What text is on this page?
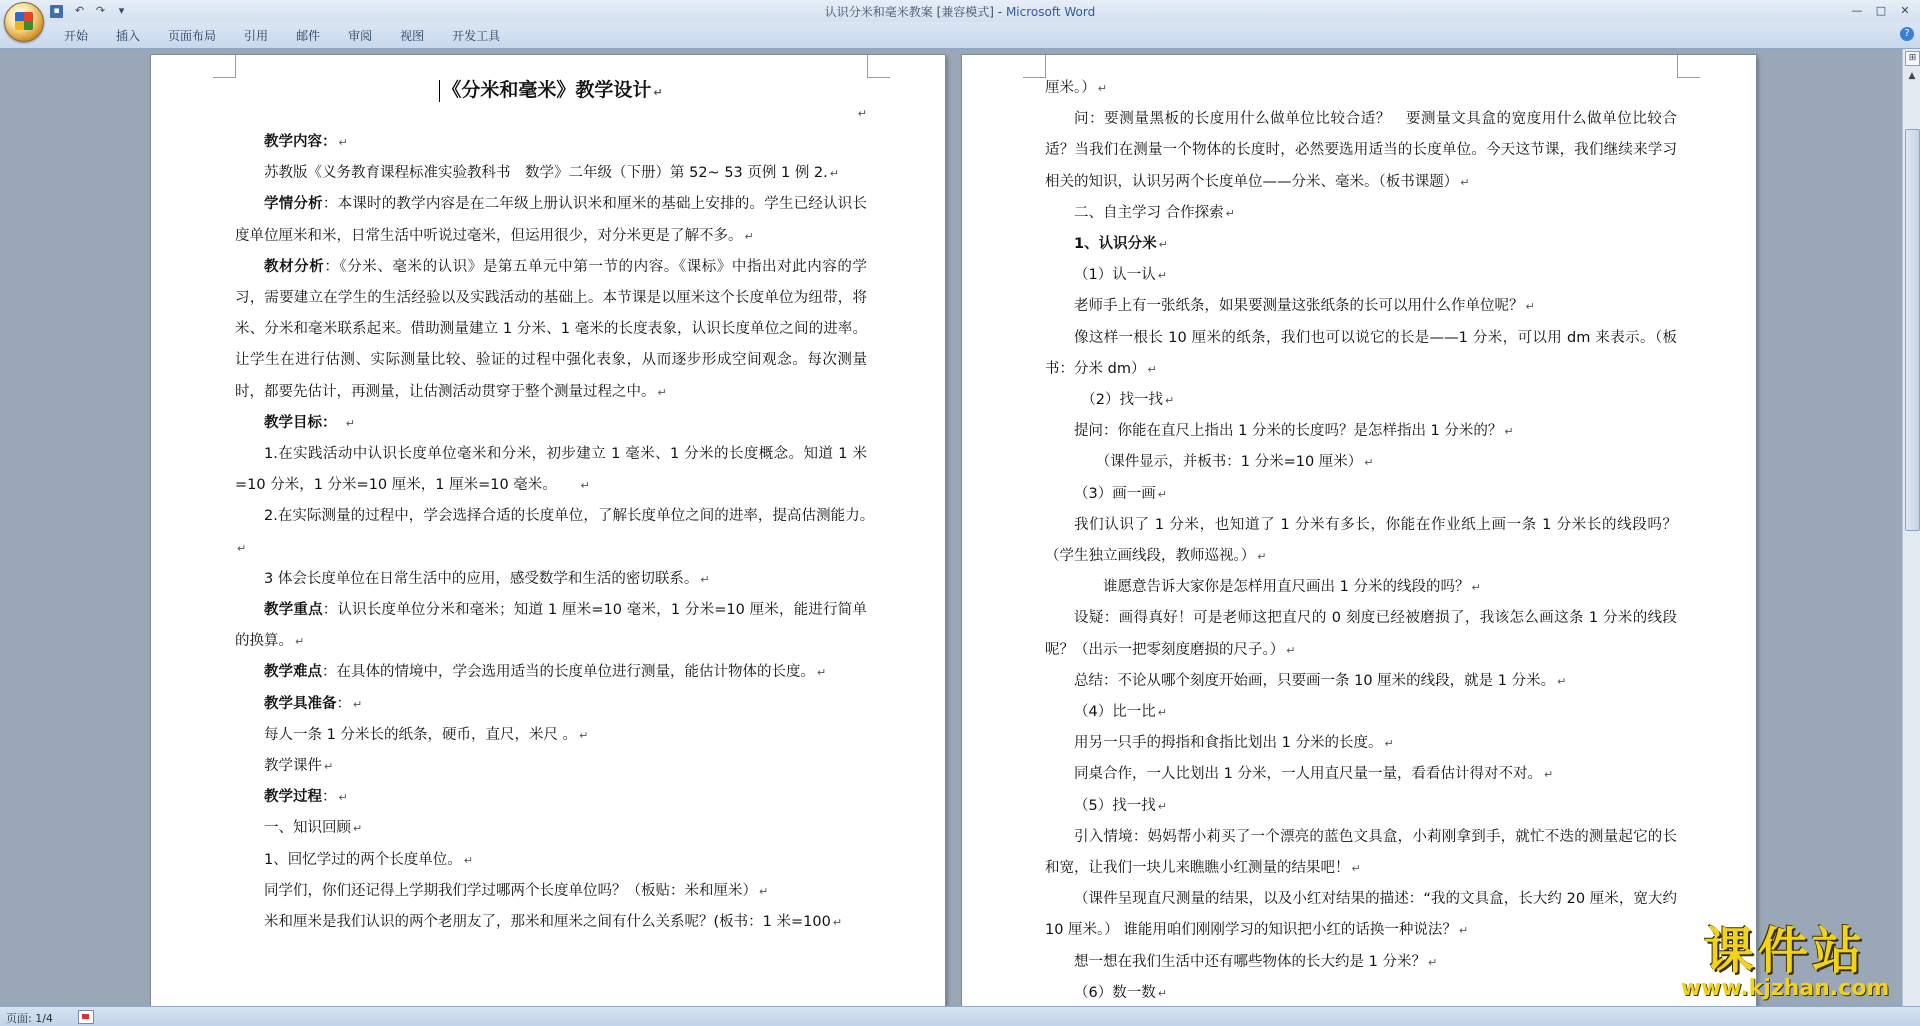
▪	↶	↷	▾	认识分米和毫米教案 [兼容模式] - Microsoft Word	—	□	✕
开始	插入	页面布局	引用	邮件	审阅	视图	开发工具	?
《分米和毫米》教学设计 ↵
↵

教学内容： ↵

苏教版《义务教育课程标准实验教科书　数学》二年级（下册）第 52~ 53 页例 1 例 2. ↵

学情分析：本课时的教学内容是在二年级上册认识米和厘米的基础上安排的。学生已经认识长度单位厘米和米，日常生活中听说过毫米，但运用很少，对分米更是了解不多。 ↵

教材分析：《分米、毫米的认识》是第五单元中第一节的内容。《课标》中指出对此内容的学习，需要建立在学生的生活经验以及实践活动的基础上。本节课是以厘米这个长度单位为纽带，将米、分米和毫米联系起来。借助测量建立 1 分米、1 毫米的长度表象，认识长度单位之间的进率。让学生在进行估测、实际测量比较、验证的过程中强化表象，从而逐步形成空间观念。每次测量时，都要先估计，再测量，让估测活动贯穿于整个测量过程之中。 ↵

教学目标：　 ↵

1.在实践活动中认识长度单位毫米和分米，初步建立 1 毫米、1 分米的长度概念。知道 1 米=10 分米，1 分米=10 厘米，1 厘米=10 毫米。　　↵

2.在实际测量的过程中，学会选择合适的长度单位，了解长度单位之间的进率，提高估测能力。　↵

3 体会长度单位在日常生活中的应用，感受数学和生活的密切联系。 ↵

教学重点：认识长度单位分米和毫米；知道 1 厘米=10 毫米，1 分米=10 厘米，能进行简单的换算。 ↵

教学难点：在具体的情境中，学会选用适当的长度单位进行测量，能估计物体的长度。 ↵

教学具准备： ↵

每人一条 1 分米长的纸条，硬币，直尺，米尺 。 ↵

教学课件 ↵

教学过程： ↵

一、知识回顾 ↵

1、回忆学过的两个长度单位。 ↵

同学们，你们还记得上学期我们学过哪两个长度单位吗？（板贴：米和厘米） ↵

米和厘米是我们认识的两个老朋友了，那米和厘米之间有什么关系呢？(板书：1 米=100 ↵

厘米。） ↵

问：要测量黑板的长度用什么做单位比较合适？　要测量文具盒的宽度用什么做单位比较合适？当我们在测量一个物体的长度时，必然要选用适当的长度单位。今天这节课，我们继续来学习相关的知识，认识另两个长度单位——分米、毫米。（板书课题） ↵

二、自主学习 合作探索 ↵

1、认识分米 ↵

（1）认一认 ↵

老师手上有一张纸条，如果要测量这张纸条的长可以用什么作单位呢？ ↵

像这样一根长 10 厘米的纸条，我们也可以说它的长是——1 分米，可以用 dm 来表示。（板书：分米 dm） ↵

　（2）找一找 ↵

提问：你能在直尺上指出 1 分米的长度吗？是怎样指出 1 分米的？ ↵

　　（课件显示，并板书：1 分米=10 厘米） ↵

（3）画一画 ↵

我们认识了 1 分米，也知道了 1 分米有多长，你能在作业纸上画一条 1 分米长的线段吗？（学生独立画线段，教师巡视。） ↵

　　谁愿意告诉大家你是怎样用直尺画出 1 分米的线段的吗？ ↵

设疑：画得真好！可是老师这把直尺的 0 刻度已经被磨损了，我该怎么画这条 1 分米的线段呢？（出示一把零刻度磨损的尺子。） ↵

总结：不论从哪个刻度开始画，只要画一条 10 厘米的线段，就是 1 分米。 ↵

（4）比一比 ↵

用另一只手的拇指和食指比划出 1 分米的长度。 ↵

同桌合作，一人比划出 1 分米，一人用直尺量一量，看看估计得对不对。 ↵

（5）找一找 ↵

引入情境：妈妈帮小莉买了一个漂亮的蓝色文具盒，小莉刚拿到手，就忙不迭的测量起它的长和宽，让我们一块儿来瞧瞧小红测量的结果吧！ ↵

（课件呈现直尺测量的结果，以及小红对结果的描述：“我的文具盒，长大约 20 厘米，宽大约 10 厘米。） 谁能用咱们刚刚学习的知识把小红的话换一种说法？ ↵

想一想在我们生活中还有哪些物体的长大约是 1 分米？ ↵

（6）数一数 ↵

⊞
▲
页面: 1/4
课件站
www.kjzhan.com
